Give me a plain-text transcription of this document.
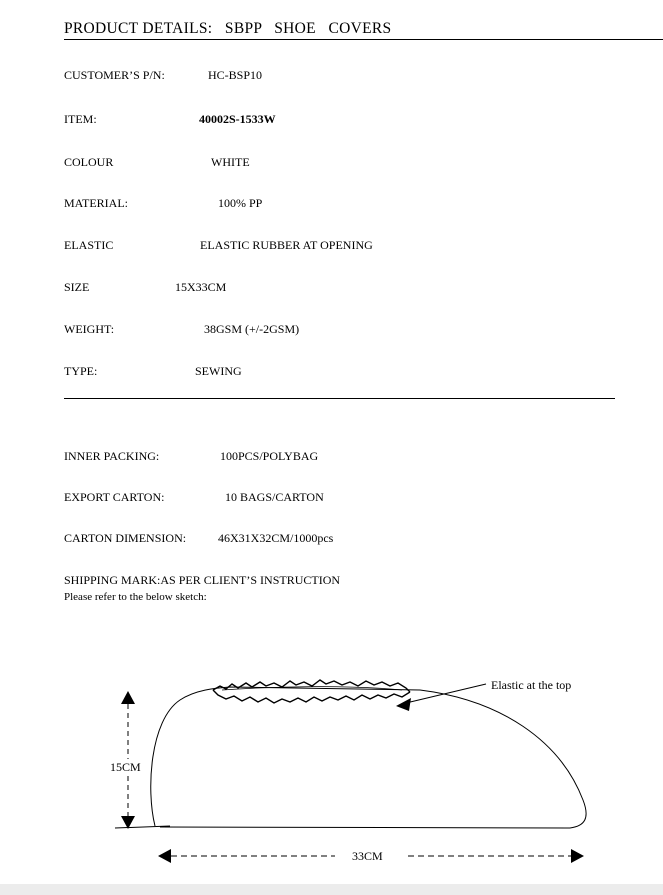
PRODUCT DETAILS:   SBPP   SHOE   COVERS
CUSTOMER’S P/N:	HC-BSP10
ITEM:	40002S-1533W
COLOUR	WHITE
MATERIAL:	100% PP
ELASTIC	ELASTIC RUBBER AT OPENING
SIZE	15X33CM
WEIGHT:	38GSM (+/-2GSM)
TYPE:	SEWING
INNER PACKING:	100PCS/POLYBAG
EXPORT CARTON:	10 BAGS/CARTON
CARTON DIMENSION:	46X31X32CM/1000pcs
SHIPPING MARK:AS PER CLIENT’S INSTRUCTION
Please refer to the below sketch:
Elastic at the top
15CM
33CM
